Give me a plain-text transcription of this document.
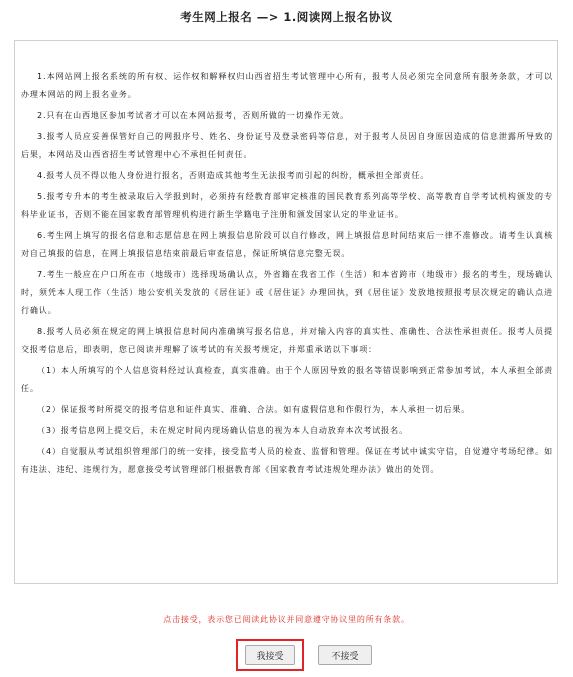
考生网上报名 —> 1.阅读网上报名协议

1.本网站网上报名系统的所有权、运作权和解释权归山西省招生考试管理中心所有，报考人员必须完全同意所有服务条款，才可以办理本网站的网上报名业务。

2.只有在山西地区参加考试者才可以在本网站报考，否则所做的一切操作无效。

3.报考人员应妥善保管好自己的网报序号、姓名、身份证号及登录密码等信息，对于报考人员因自身原因造成的信息泄露所导致的后果，本网站及山西省招生考试管理中心不承担任何责任。

4.报考人员不得以他人身份进行报名，否则造成其他考生无法报考而引起的纠纷，概承担全部责任。

5.报考专升本的考生被录取后入学报到时，必须持有经教育部审定核准的国民教育系列高等学校、高等教育自学考试机构颁发的专科毕业证书，否则不能在国家教育部管理机构进行新生学籍电子注册和颁发国家认定的毕业证书。

6.考生网上填写的报名信息和志愿信息在网上填报信息阶段可以自行修改，网上填报信息时间结束后一律不准修改。请考生认真核对自己填报的信息，在网上填报信息结束前最后审查信息，保证所填信息完整无误。

7.考生一般应在户口所在市（地级市）选择现场确认点，外省籍在我省工作（生活）和本省跨市（地级市）报名的考生，现场确认时，须凭本人现工作（生活）地公安机关发放的《居住证》或《居住证》办理回执，到《居住证》发放地按照报考层次规定的确认点进行确认。

8.报考人员必须在规定的网上填报信息时间内准确填写报名信息，并对输入内容的真实性、准确性、合法性承担责任。报考人员提交报考信息后，即表明，您已阅读并理解了该考试的有关报考规定，并郑重承诺以下事项：

（1）本人所填写的个人信息资料经过认真检查，真实准确。由于个人原因导致的报名等错误影响到正常参加考试，本人承担全部责任。

（2）保证报考时所提交的报考信息和证件真实、准确、合法。如有虚假信息和作假行为，本人承担一切后果。

（3）报考信息网上提交后，未在规定时间内现场确认信息的视为本人自动放弃本次考试报名。

（4）自觉服从考试组织管理部门的统一安排，接受监考人员的检查、监督和管理。保证在考试中诚实守信，自觉遵守考场纪律。如有违法、违纪、违规行为，愿意接受考试管理部门根据教育部《国家教育考试违规处理办法》做出的处罚。

点击接受，表示您已阅读此协议并同意遵守协议里的所有条款。
我接受	不接受
